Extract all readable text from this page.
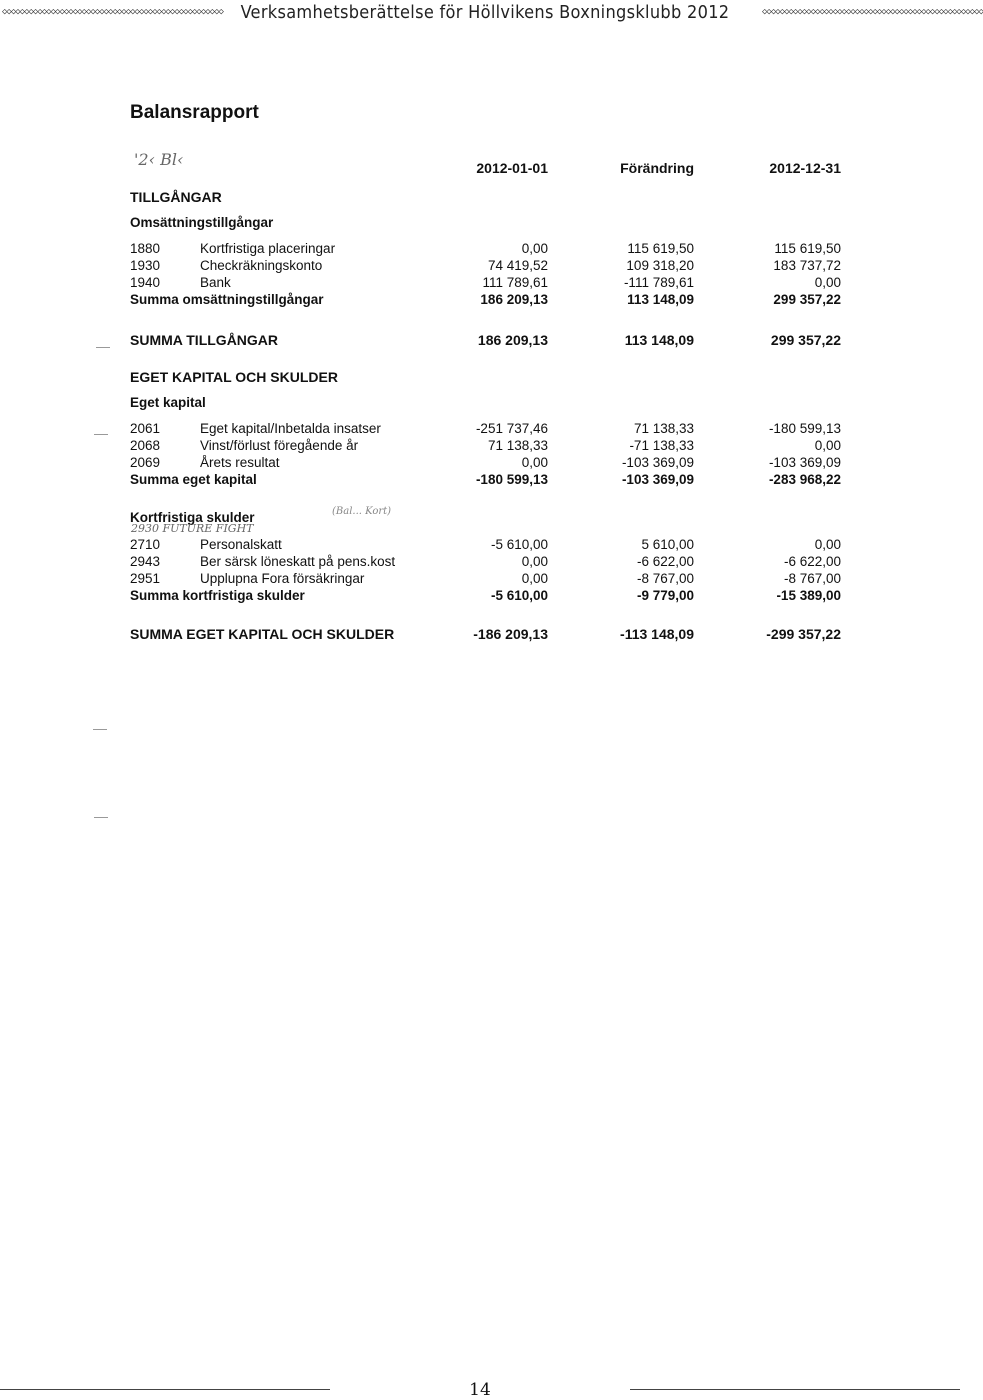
◇◇◇◇◇◇◇◇◇◇◇◇◇◇◇◇◇◇◇◇◇◇◇◇◇◇◇◇◇◇◇◇◇◇◇◇◇◇◇◇◇◇◇◇◇◇◇◇◇◇ Verksamhetsberättelse för Höllvikens Boxningsklubb 2012	◇◇◇◇◇◇◇◇◇◇◇◇◇◇◇◇◇◇◇◇◇◇◇◇◇◇◇◇◇◇◇◇◇◇◇◇◇◇◇◇◇◇◇◇◇◇◇◇◇◇
Balansrapport
'2‹ Bl‹	2012-01-01	Förändring	2012-12-31
TILLGÅNGAR
Omsättningstillgångar
1880	Kortfristiga placeringar	0,00	115 619,50	115 619,50
1930	Checkräkningskonto	74 419,52	109 318,20	183 737,72
1940	Bank	111 789,61	-111 789,61	0,00
Summa omsättningstillgångar	186 209,13	113 148,09	299 357,22
SUMMA TILLGÅNGAR	186 209,13	113 148,09	299 357,22
EGET KAPITAL OCH SKULDER
Eget kapital
2061	Eget kapital/Inbetalda insatser	-251 737,46	71 138,33	-180 599,13
2068	Vinst/förlust föregående år	71 138,33	-71 138,33	0,00
2069	Årets resultat	0,00	-103 369,09	-103 369,09
Summa eget kapital	-180 599,13	-103 369,09	-283 968,22
Kortfristiga skulder
2930 FUTURE FIGHT
(Bal... Kort)
2710	Personalskatt	-5 610,00	5 610,00	0,00
2943	Ber särsk löneskatt på pens.kost	0,00	-6 622,00	-6 622,00
2951	Upplupna Fora försäkringar	0,00	-8 767,00	-8 767,00
Summa kortfristiga skulder	-5 610,00	-9 779,00	-15 389,00
SUMMA EGET KAPITAL OCH SKULDER	-186 209,13	-113 148,09	-299 357,22
14
